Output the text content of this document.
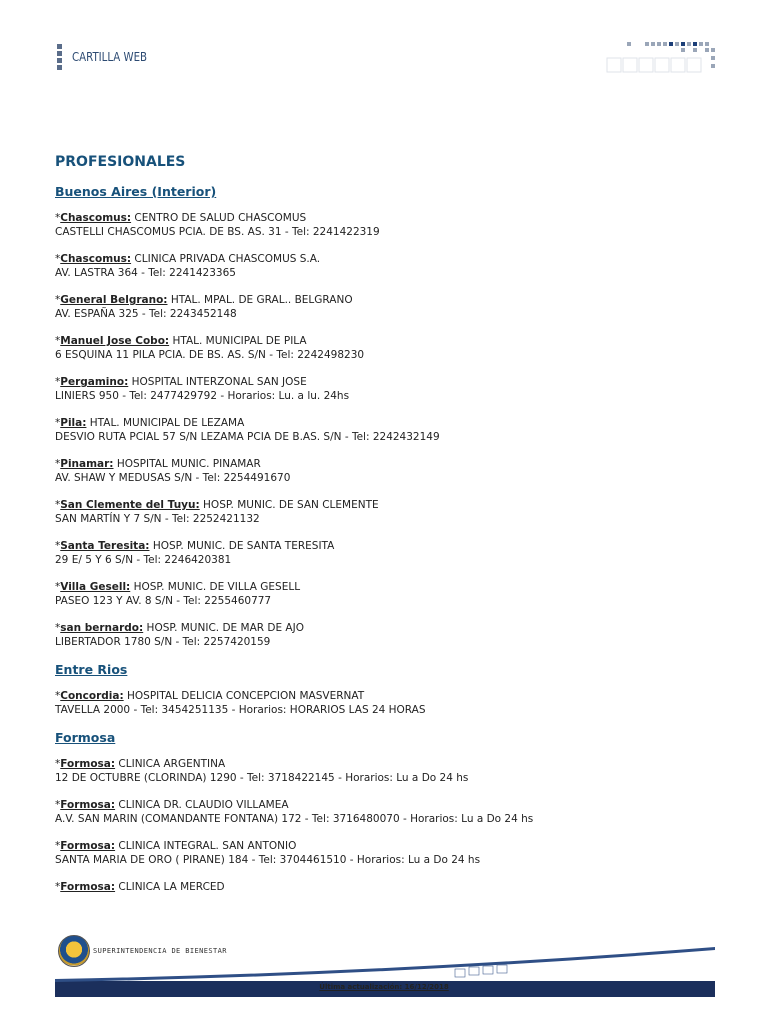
CARTILLA WEB
PROFESIONALES
Buenos Aires (Interior)
*Chascomus: CENTRO DE SALUD CHASCOMUS
CASTELLI CHASCOMUS PCIA. DE BS. AS. 31 - Tel: 2241422319
*Chascomus: CLINICA PRIVADA CHASCOMUS S.A.
AV. LASTRA 364 - Tel: 2241423365
*General Belgrano: HTAL. MPAL. DE GRAL.. BELGRANO
AV. ESPAÑA 325 - Tel: 2243452148
*Manuel Jose Cobo: HTAL. MUNICIPAL DE PILA
6 ESQUINA 11 PILA PCIA. DE BS. AS. S/N - Tel: 2242498230
*Pergamino: HOSPITAL INTERZONAL SAN JOSE
LINIERS 950 - Tel: 2477429792 - Horarios: Lu. a lu. 24hs
*Pila: HTAL. MUNICIPAL DE LEZAMA
DESVIO RUTA PCIAL 57 S/N LEZAMA PCIA DE B.AS. S/N - Tel: 2242432149
*Pinamar: HOSPITAL MUNIC. PINAMAR
AV. SHAW Y MEDUSAS S/N - Tel: 2254491670
*San Clemente del Tuyu: HOSP. MUNIC. DE SAN CLEMENTE
SAN MARTÍN Y 7 S/N - Tel: 2252421132
*Santa Teresita: HOSP. MUNIC. DE SANTA TERESITA
29 E/ 5 Y 6 S/N - Tel: 2246420381
*Villa Gesell: HOSP. MUNIC. DE VILLA GESELL
PASEO 123 Y AV. 8 S/N - Tel: 2255460777
*san bernardo: HOSP. MUNIC. DE MAR DE AJO
LIBERTADOR 1780 S/N - Tel: 2257420159
Entre Rios
*Concordia: HOSPITAL DELICIA CONCEPCION MASVERNAT
TAVELLA 2000 - Tel: 3454251135 - Horarios: HORARIOS LAS 24 HORAS
Formosa
*Formosa: CLINICA ARGENTINA
12 DE OCTUBRE (CLORINDA) 1290 - Tel: 3718422145 - Horarios: Lu a Do 24 hs
*Formosa: CLINICA DR. CLAUDIO VILLAMEA
A.V. SAN MARIN (COMANDANTE FONTANA) 172 - Tel: 3716480070 - Horarios: Lu a Do 24 hs
*Formosa: CLINICA INTEGRAL. SAN ANTONIO
SANTA MARIA DE ORO ( PIRANE) 184 - Tel: 3704461510 - Horarios: Lu a Do 24 hs
*Formosa: CLINICA LA MERCED
SUPERINTENDENCIA DE BIENESTAR
Última actualización: 16/12/2018
